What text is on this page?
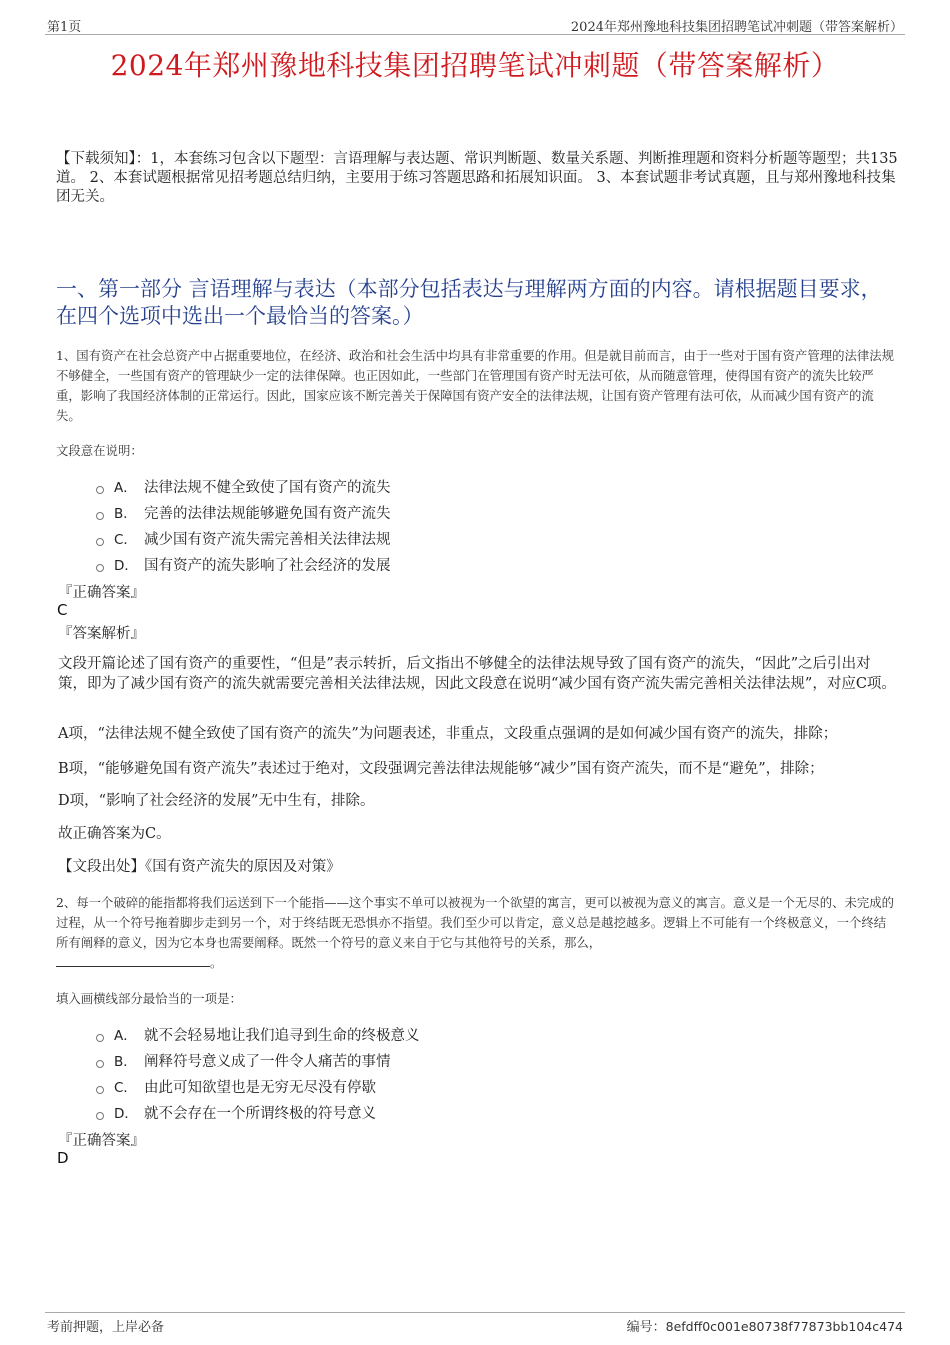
第1页	2024年郑州豫地科技集团招聘笔试冲刺题（带答案解析）
2024年郑州豫地科技集团招聘笔试冲刺题（带答案解析）
【下载须知】：1，本套练习包含以下题型：言语理解与表达题、常识判断题、数量关系题、判断推理题和资料分析题等题型；共135道。 2、本套试题根据常见招考题总结归纳，主要用于练习答题思路和拓展知识面。 3、本套试题非考试真题，且与郑州豫地科技集团无关。
一、第一部分 言语理解与表达（本部分包括表达与理解两方面的内容。请根据题目要求，在四个选项中选出一个最恰当的答案。）
1、国有资产在社会总资产中占据重要地位，在经济、政治和社会生活中均具有非常重要的作用。但是就目前而言，由于一些对于国有资产管理的法律法规不够健全，一些国有资产的管理缺少一定的法律保障。也正因如此，一些部门在管理国有资产时无法可依，从而随意管理，使得国有资产的流失比较严重，影响了我国经济体制的正常运行。因此，国家应该不断完善关于保障国有资产安全的法律法规，让国有资产管理有法可依，从而减少国有资产的流失。
文段意在说明：
A． 法律法规不健全致使了国有资产的流失
B． 完善的法律法规能够避免国有资产流失
C． 减少国有资产流失需完善相关法律法规
D． 国有资产的流失影响了社会经济的发展
『正确答案』
C
『答案解析』

文段开篇论述了国有资产的重要性，“但是”表示转折，后文指出不够健全的法律法规导致了国有资产的流失，“因此”之后引出对策，即为了减少国有资产的流失就需要完善相关法律法规，因此文段意在说明“减少国有资产流失需完善相关法律法规”，对应C项。

A项，“法律法规不健全致使了国有资产的流失”为问题表述，非重点，文段重点强调的是如何减少国有资产的流失，排除；

B项，“能够避免国有资产流失”表述过于绝对，文段强调完善法律法规能够“减少”国有资产流失，而不是“避免”，排除；

D项，“影响了社会经济的发展”无中生有，排除。

故正确答案为C。

【文段出处】《国有资产流失的原因及对策》

2、每一个破碎的能指都将我们运送到下一个能指——这个事实不单可以被视为一个欲望的寓言，更可以被视为意义的寓言。意义是一个无尽的、未完成的过程，从一个符号拖着脚步走到另一个，对于终结既无恐惧亦不指望。我们至少可以肯定，意义总是越挖越多。逻辑上不可能有一个终极意义，一个终结所有阐释的意义，因为它本身也需要阐释。既然一个符号的意义来自于它与其他符号的关系，那么，
。
填入画横线部分最恰当的一项是：
A． 就不会轻易地让我们追寻到生命的终极意义
B． 阐释符号意义成了一件令人痛苦的事情
C． 由此可知欲望也是无穷无尽没有停歇
D． 就不会存在一个所谓终极的符号意义
『正确答案』
D
考前押题，上岸必备	编号：8efdff0c001e80738f77873bb104c474
